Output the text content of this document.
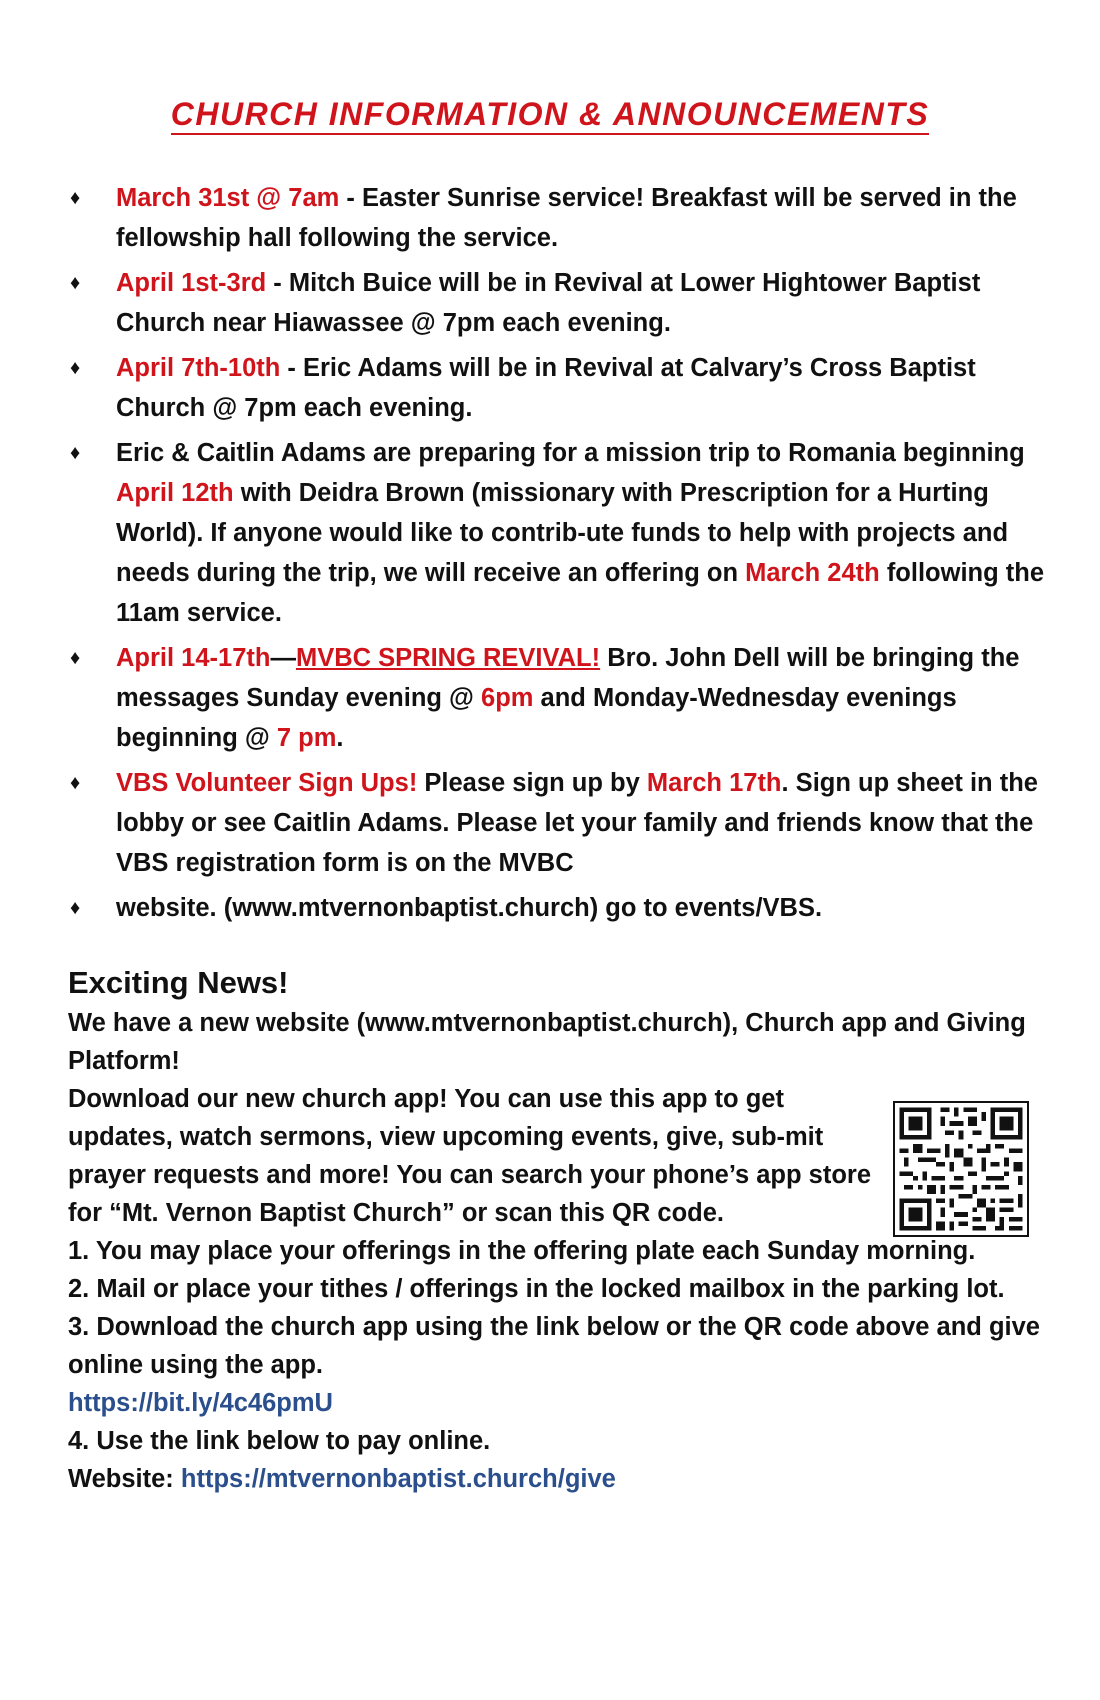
CHURCH INFORMATION & ANNOUNCEMENTS
♦	March 31st @ 7am - Easter Sunrise service! Breakfast will be served in the fellowship hall following the service.
♦	April 1st-3rd - Mitch Buice will be in Revival at Lower Hightower Baptist Church near Hiawassee @ 7pm each evening.
♦	April 7th-10th - Eric Adams will be in Revival at Calvary’s Cross Baptist Church @ 7pm each evening.
♦	Eric & Caitlin Adams are preparing for a mission trip to Romania beginning April 12th with Deidra Brown (missionary with Prescription for a Hurting World). If anyone would like to contrib-ute funds to help with projects and needs during the trip, we will receive an offering on March 24th following the 11am service.
♦	April 14-17th—MVBC SPRING REVIVAL! Bro. John Dell will be bringing the messages Sunday evening @ 6pm and Monday-Wednesday evenings beginning @ 7 pm.
♦	VBS Volunteer Sign Ups! Please sign up by March 17th. Sign up sheet in the lobby or see Caitlin Adams. Please let your family and friends know that the VBS registration form is on the MVBC
♦	website. (www.mtvernonbaptist.church) go to events/VBS.
Exciting News!

We have a new website (www.mtvernonbaptist.church), Church app and Giving Platform!

Download our new church app! You can use this app to get updates, watch sermons, view upcoming events, give, sub-mit prayer requests and more! You can search your phone’s app store for “Mt. Vernon Baptist Church” or scan this QR code.

1. You may place your offerings in the offering plate each Sunday morning.

2. Mail or place your tithes / offerings in the locked mailbox in the parking lot.

3. Download the church app using the link below or the QR code above and give online using the app.

https://bit.ly/4c46pmU

4. Use the link below to pay online.

Website: https://mtvernonbaptist.church/give
